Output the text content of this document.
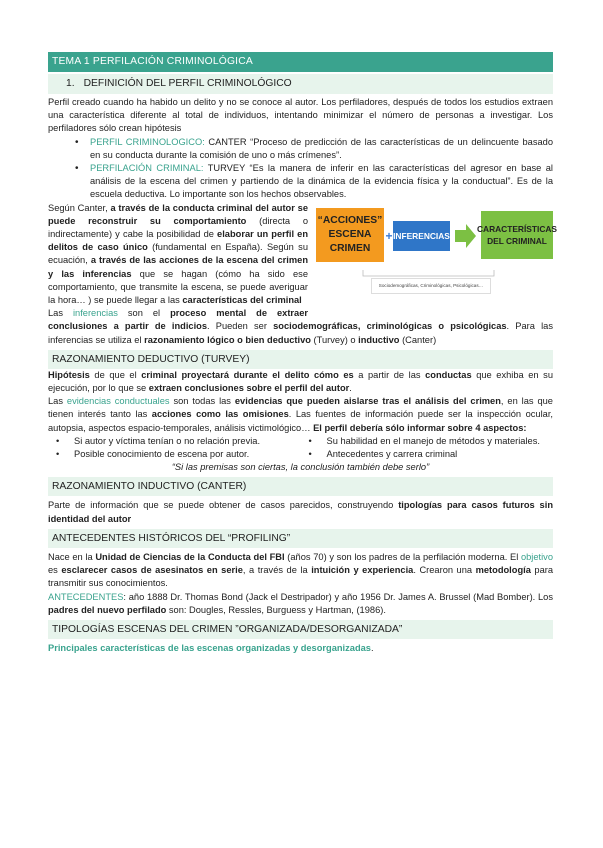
TEMA 1 PERFILACIÓN CRIMINOLÓGICA
1. DEFINICIÓN DEL PERFIL CRIMINOLÓGICO

Perfil creado cuando ha habido un delito y no se conoce al autor. Los perfiladores, después de todos los estudios extraen una característica diferente al total de individuos, intentando minimizar el número de personas a investigar. Los perfiladores sólo crean hipótesis

• PERFIL CRIMINOLOGICO: CANTER “Proceso de predicción de las características de un delincuente basado en su conducta durante la comisión de uno o más crímenes”.
• PERFILACIÓN CRIMINAL: TURVEY “Es la manera de inferir en las características del agresor en base al análisis de la escena del crimen y partiendo de la dinámica de la evidencia física y la conductual”. Es de la escuela deductiva. Lo importante son los hechos observables.
“ACCIONES” ESCENA CRIMEN
+ INFERENCIAS
CARACTERÍSTICAS DEL CRIMINAL
Sociodemográficas, Criminológicas, Psicológicas…

Según Canter, a través de la conducta criminal del autor se puede reconstruir su comportamiento (directa o indirectamente) y cabe la posibilidad de elaborar un perfil en delitos de caso único (fundamental en España). Según su ecuación, a través de las acciones de la escena del crimen y las inferencias que se hagan (cómo ha sido ese comportamiento, que transmite la escena, se puede averiguar la hora… ) se puede llegar a las características del criminal

Las inferencias son el proceso mental de extraer conclusiones a partir de indicios. Pueden ser sociodemográficas, criminológicas o psicológicas. Para las inferencias se utiliza el razonamiento lógico o bien deductivo (Turvey) o inductivo (Canter)

RAZONAMIENTO DEDUCTIVO (TURVEY)

Hipótesis de que el criminal proyectará durante el delito cómo es a partir de las conductas que exhiba en su ejecución, por lo que se extraen conclusiones sobre el perfil del autor.

Las evidencias conductuales son todas las evidencias que pueden aislarse tras el análisis del crimen, en las que tienen interés tanto las acciones como las omisiones. Las fuentes de información puede ser la inspección ocular, autopsia, aspectos espacio-temporales, análisis victimológico… El perfil debería sólo informar sobre 4 aspectos:

• Si autor y víctima tenían o no relación previa.
• Posible conocimiento de escena por autor.
• Su habilidad en el manejo de métodos y materiales.
• Antecedentes y carrera criminal

“Si las premisas son ciertas, la conclusión también debe serlo”

RAZONAMIENTO INDUCTIVO (CANTER)

Parte de información que se puede obtener de casos parecidos, construyendo tipologías para casos futuros sin identidad del autor

ANTECEDENTES HISTÓRICOS DEL “PROFILING”

Nace en la Unidad de Ciencias de la Conducta del FBI (años 70) y son los padres de la perfilación moderna. El objetivo es esclarecer casos de asesinatos en serie, a través de la intuición y experiencia. Crearon una metodología para transmitir sus conocimientos.

ANTECEDENTES: año 1888 Dr. Thomas Bond (Jack el Destripador) y año 1956 Dr. James A. Brussel (Mad Bomber). Los padres del nuevo perfilado son: Dougles, Ressles, Burguess y Hartman, (1986).

TIPOLOGÍAS ESCENAS DEL CRIMEN ”ORGANIZADA/DESORGANIZADA”

Principales características de las escenas organizadas y desorganizadas.
